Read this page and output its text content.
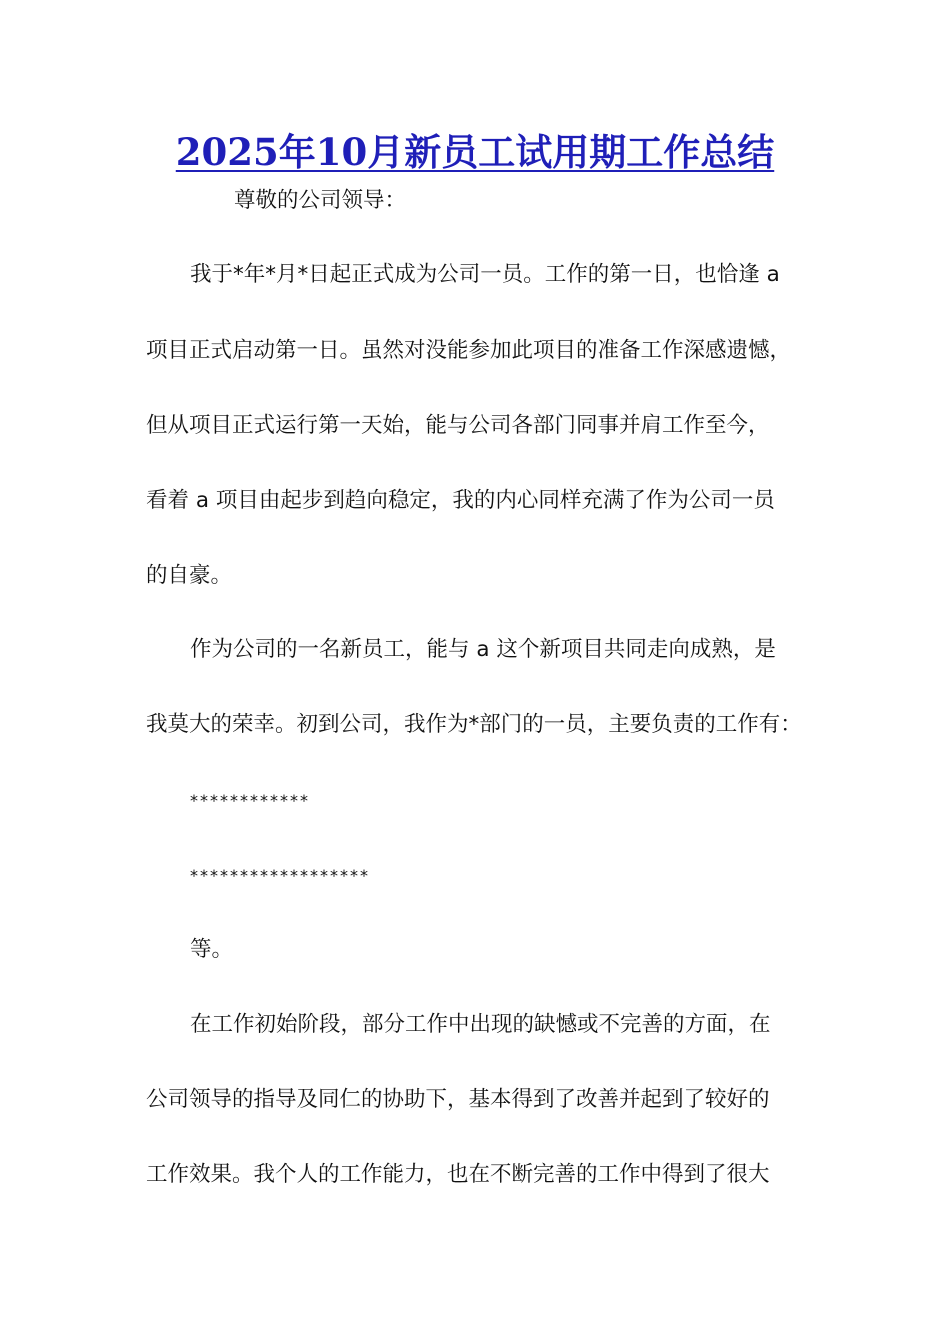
2025年10月新员工试用期工作总结
尊敬的公司领导：
我于*年*月*日起正式成为公司一员。工作的第一日，也恰逢 a
项目正式启动第一日。虽然对没能参加此项目的准备工作深感遗憾，
但从项目正式运行第一天始，能与公司各部门同事并肩工作至今，
看着 a 项目由起步到趋向稳定，我的内心同样充满了作为公司一员
的自豪。
作为公司的一名新员工，能与 a 这个新项目共同走向成熟，是
我莫大的荣幸。初到公司，我作为*部门的一员，主要负责的工作有：
************
******************
等。
在工作初始阶段，部分工作中出现的缺憾或不完善的方面，在
公司领导的指导及同仁的协助下，基本得到了改善并起到了较好的
工作效果。我个人的工作能力，也在不断完善的工作中得到了很大
